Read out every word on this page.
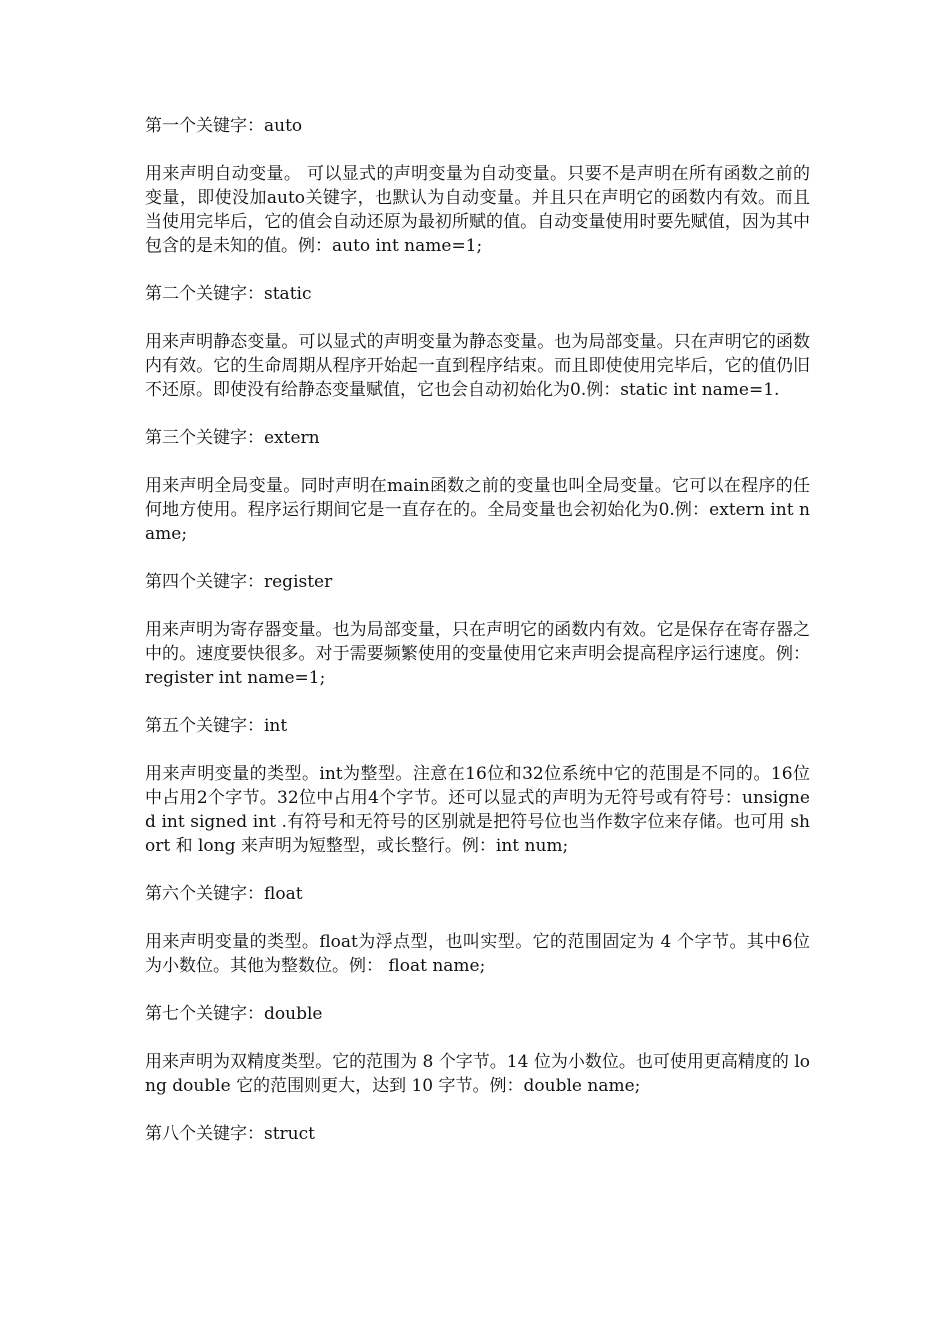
第一个关键字：auto
用来声明自动变量。 可以显式的声明变量为自动变量。只要不是声明在所有函数之前的变量，即使没加auto关键字，也默认为自动变量。并且只在声明它的函数内有效。而且当使用完毕后，它的值会自动还原为最初所赋的值。自动变量使用时要先赋值，因为其中包含的是未知的值。例：auto int name=1;
第二个关键字：static
用来声明静态变量。可以显式的声明变量为静态变量。也为局部变量。只在声明它的函数内有效。它的生命周期从程序开始起一直到程序结束。而且即使使用完毕后，它的值仍旧不还原。即使没有给静态变量赋值，它也会自动初始化为0.例：static int name=1.
第三个关键字：extern
用来声明全局变量。同时声明在main函数之前的变量也叫全局变量。它可以在程序的任何地方使用。程序运行期间它是一直存在的。全局变量也会初始化为0.例：extern int name;
第四个关键字：register
用来声明为寄存器变量。也为局部变量，只在声明它的函数内有效。它是保存在寄存器之中的。速度要快很多。对于需要频繁使用的变量使用它来声明会提高程序运行速度。例：register int name=1;
第五个关键字：int
用来声明变量的类型。int为整型。注意在16位和32位系统中它的范围是不同的。16位中占用2个字节。32位中占用4个字节。还可以显式的声明为无符号或有符号：unsigned int signed int .有符号和无符号的区别就是把符号位也当作数字位来存储。也可用 short 和 long 来声明为短整型，或长整行。例：int num;
第六个关键字：float
用来声明变量的类型。float为浮点型，也叫实型。它的范围固定为 4 个字节。其中6位为小数位。其他为整数位。例： float name;
第七个关键字：double
用来声明为双精度类型。它的范围为 8 个字节。14 位为小数位。也可使用更高精度的 long double 它的范围则更大，达到 10 字节。例：double name;
第八个关键字：struct
